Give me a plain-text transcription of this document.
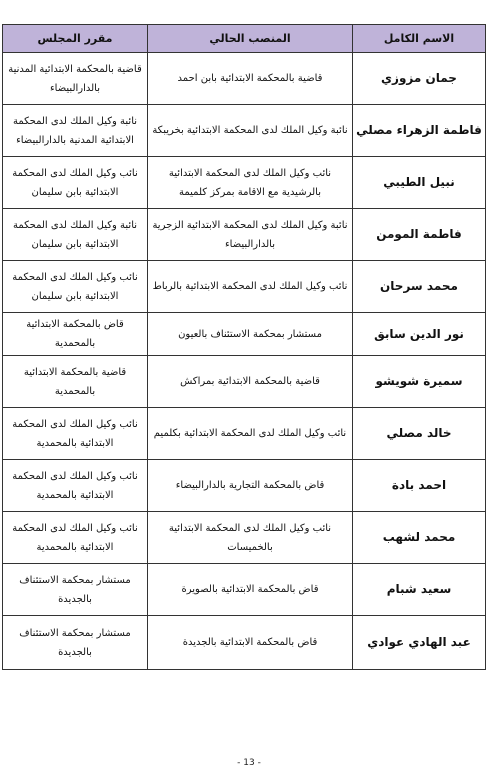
الاسم الكامل	المنصب الحالي	مقرر المجلس
جمان مزوزي	قاضية بالمحكمة الابتدائية بابن احمد	قاضية بالمحكمة الابتدائية المدنية بالدارالبيضاء
فاطمة الزهراء مصلي	نائبة وكيل الملك لدى المحكمة الابتدائية بخريبكة	نائبة وكيل الملك لدى المحكمة الابتدائية المدنية بالدارالبيضاء
نبيل الطيبي	نائب وكيل الملك لدى المحكمة الابتدائية بالرشيدية مع الاقامة بمركز كلميمة	نائب وكيل الملك لدى المحكمة الابتدائية بابن سليمان
فاطمة المومن	نائبة وكيل الملك لدى المحكمة الابتدائية الزجرية بالدارالبيضاء	نائبة وكيل الملك لدى المحكمة الابتدائية بابن سليمان
محمد سرحان	نائب وكيل الملك لدى المحكمة الابتدائية بالرباط	نائب وكيل الملك لدى المحكمة الابتدائية بابن سليمان
نور الدين سابق	مستشار بمحكمة الاستئناف بالعيون	قاض بالمحكمة الابتدائية بالمحمدية
سميرة شويشو	قاضية بالمحكمة الابتدائية بمراكش	قاضية بالمحكمة الابتدائية بالمحمدية
خالد مصلي	نائب وكيل الملك لدى المحكمة الابتدائية بكلميم	نائب وكيل الملك لدى المحكمة الابتدائية بالمحمدية
احمد بادة	قاض بالمحكمة التجارية بالدارالبيضاء	نائب وكيل الملك لدى المحكمة الابتدائية بالمحمدية
محمد لشهب	نائب وكيل الملك لدى المحكمة الابتدائية بالخميسات	نائب وكيل الملك لدى المحكمة الابتدائية بالمحمدية
سعيد شبام	قاض بالمحكمة الابتدائية بالصويرة	مستشار بمحكمة الاستئناف بالجديدة
عبد الهادي عوادي	قاض بالمحكمة الابتدائية بالجديدة	مستشار بمحكمة الاستئناف بالجديدة
- 13 -
